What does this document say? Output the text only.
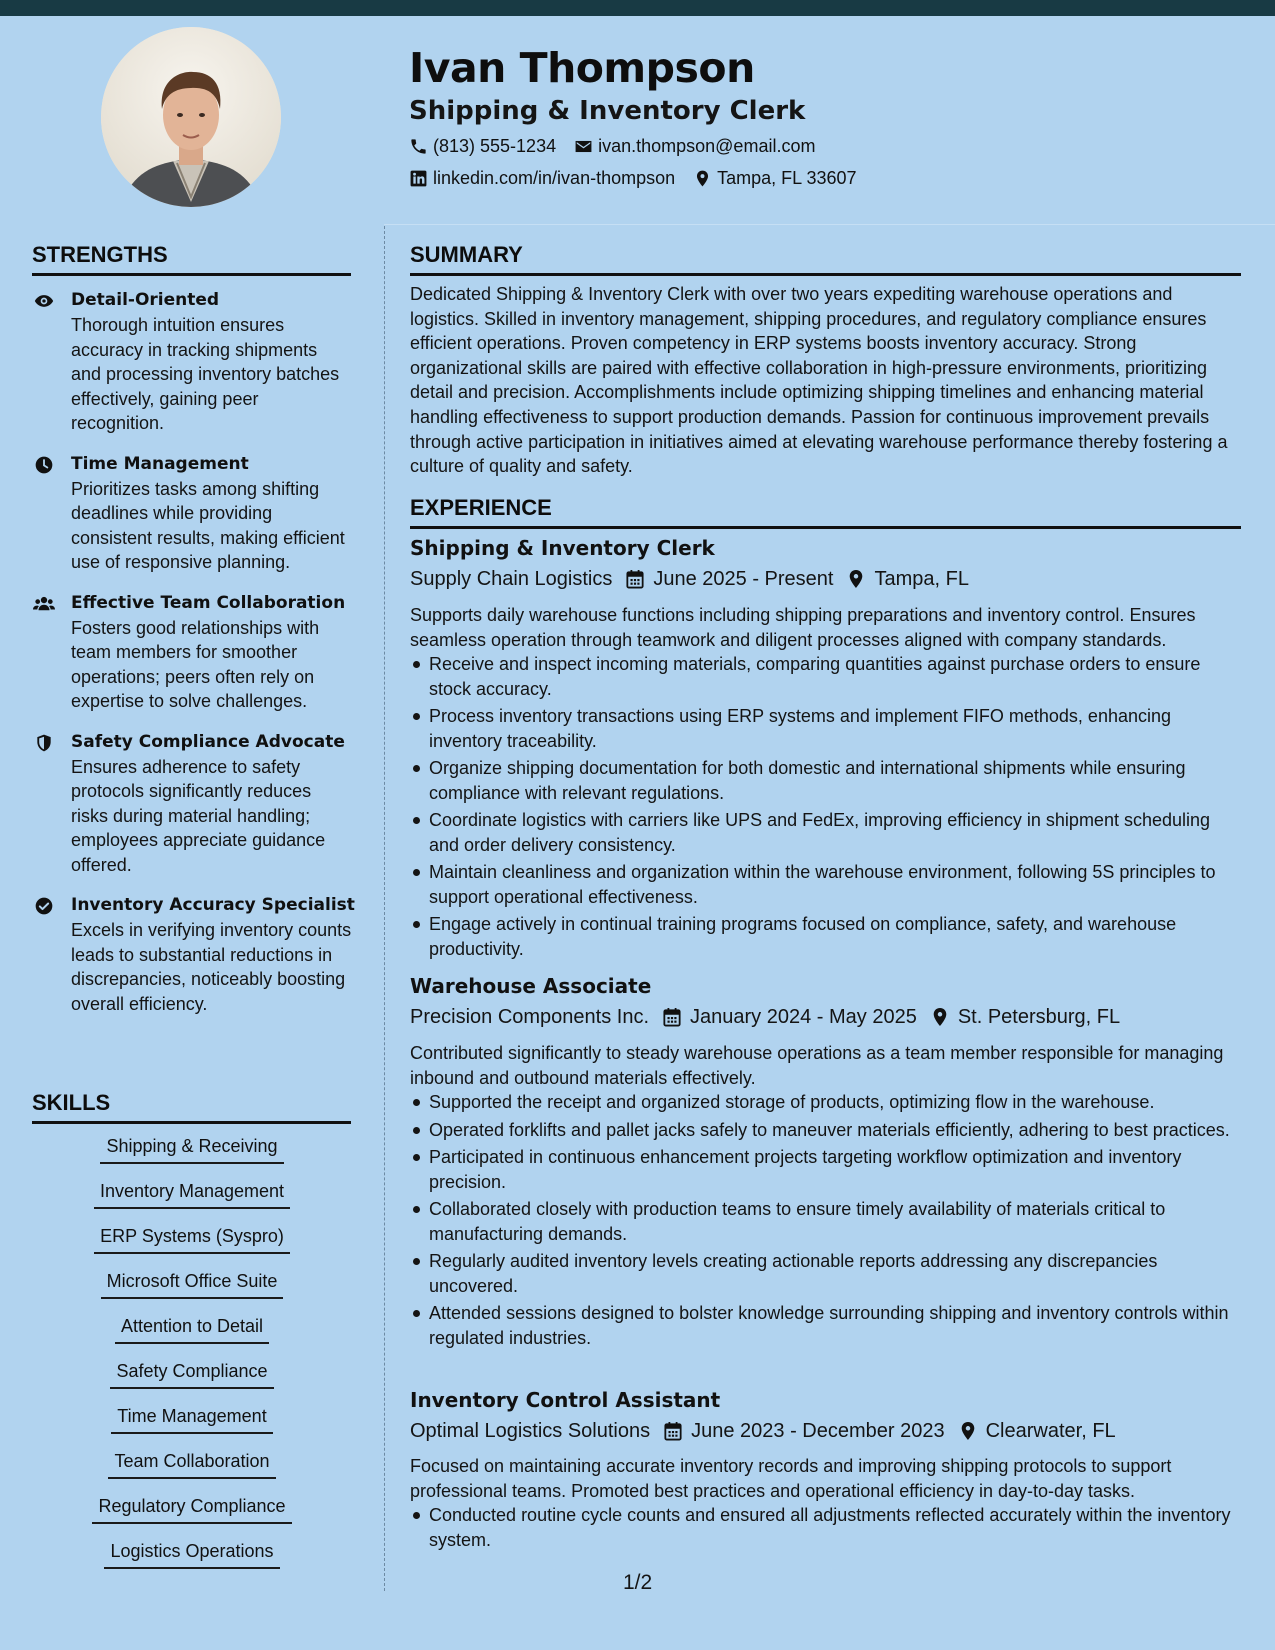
Ivan Thompson
Shipping & Inventory Clerk
(813) 555-1234 ivan.thompson@email.com
linkedin.com/in/ivan-thompson Tampa, FL 33607
STRENGTHS

Detail-Oriented

Thorough intuition ensures accuracy in tracking shipments and processing inventory batches effectively, gaining peer recognition.

Time Management

Prioritizes tasks among shifting deadlines while providing consistent results, making efficient use of responsive planning.

Effective Team Collaboration

Fosters good relationships with team members for smoother operations; peers often rely on expertise to solve challenges.

Safety Compliance Advocate

Ensures adherence to safety protocols significantly reduces risks during material handling; employees appreciate guidance offered.

Inventory Accuracy Specialist

Excels in verifying inventory counts leads to substantial reductions in discrepancies, noticeably boosting overall efficiency.

SKILLS
Shipping & Receiving
Inventory Management
ERP Systems (Syspro)
Microsoft Office Suite
Attention to Detail
Safety Compliance
Time Management
Team Collaboration
Regulatory Compliance
Logistics Operations
SUMMARY

Dedicated Shipping & Inventory Clerk with over two years expediting warehouse operations and logistics. Skilled in inventory management, shipping procedures, and regulatory compliance ensures efficient operations. Proven competency in ERP systems boosts inventory accuracy. Strong organizational skills are paired with effective collaboration in high-pressure environments, prioritizing detail and precision. Accomplishments include optimizing shipping timelines and enhancing material handling effectiveness to support production demands. Passion for continuous improvement prevails through active participation in initiatives aimed at elevating warehouse performance thereby fostering a culture of quality and safety.

EXPERIENCE
Shipping & Inventory Clerk
Supply Chain Logistics June 2025 - Present Tampa, FL

Supports daily warehouse functions including shipping preparations and inventory control. Ensures seamless operation through teamwork and diligent processes aligned with company standards.

Receive and inspect incoming materials, comparing quantities against purchase orders to ensure stock accuracy.
Process inventory transactions using ERP systems and implement FIFO methods, enhancing inventory traceability.
Organize shipping documentation for both domestic and international shipments while ensuring compliance with relevant regulations.
Coordinate logistics with carriers like UPS and FedEx, improving efficiency in shipment scheduling and order delivery consistency.
Maintain cleanliness and organization within the warehouse environment, following 5S principles to support operational effectiveness.
Engage actively in continual training programs focused on compliance, safety, and warehouse productivity.
Warehouse Associate
Precision Components Inc. January 2024 - May 2025 St. Petersburg, FL

Contributed significantly to steady warehouse operations as a team member responsible for managing inbound and outbound materials effectively.

Supported the receipt and organized storage of products, optimizing flow in the warehouse.
Operated forklifts and pallet jacks safely to maneuver materials efficiently, adhering to best practices.
Participated in continuous enhancement projects targeting workflow optimization and inventory precision.
Collaborated closely with production teams to ensure timely availability of materials critical to manufacturing demands.
Regularly audited inventory levels creating actionable reports addressing any discrepancies uncovered.
Attended sessions designed to bolster knowledge surrounding shipping and inventory controls within regulated industries.
Inventory Control Assistant
Optimal Logistics Solutions June 2023 - December 2023 Clearwater, FL

Focused on maintaining accurate inventory records and improving shipping protocols to support professional teams. Promoted best practices and operational efficiency in day-to-day tasks.

Conducted routine cycle counts and ensured all adjustments reflected accurately within the inventory system.
1/2
